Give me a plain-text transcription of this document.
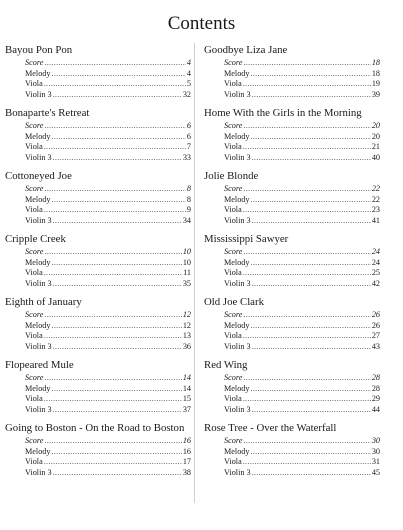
Contents
Bayou Pon Pon
Score .....	4
Melody .....	4
Viola .....	5
Violin 3 .....	32
Bonaparte's Retreat
Score .....	6
Melody .....	6
Viola .....	7
Violin 3 .....	33
Cottoneyed Joe
Score .....	8
Melody .....	8
Viola .....	9
Violin 3 .....	34
Cripple Creek
Score .....	10
Melody .....	10
Viola .....	11
Violin 3 .....	35
Eighth of January
Score .....	12
Melody .....	12
Viola .....	13
Violin 3 .....	36
Flopeared Mule
Score .....	14
Melody .....	14
Viola .....	15
Violin 3 .....	37
Going to Boston - On the Road to Boston
Score .....	16
Melody .....	16
Viola .....	17
Violin 3 .....	38
Goodbye Liza Jane
Score .....	18
Melody .....	18
Viola .....	19
Violin 3 .....	39
Home With the Girls in the Morning
Score .....	20
Melody .....	20
Viola .....	21
Violin 3 .....	40
Jolie Blonde
Score .....	22
Melody .....	22
Viola .....	23
Violin 3 .....	41
Mississippi Sawyer
Score .....	24
Melody .....	24
Viola .....	25
Violin 3 .....	42
Old Joe Clark
Score .....	26
Melody .....	26
Viola .....	27
Violin 3 .....	43
Red Wing
Score .....	28
Melody .....	28
Viola .....	29
Violin 3 .....	44
Rose Tree - Over the Waterfall
Score .....	30
Melody .....	30
Viola .....	31
Violin 3 .....	45
